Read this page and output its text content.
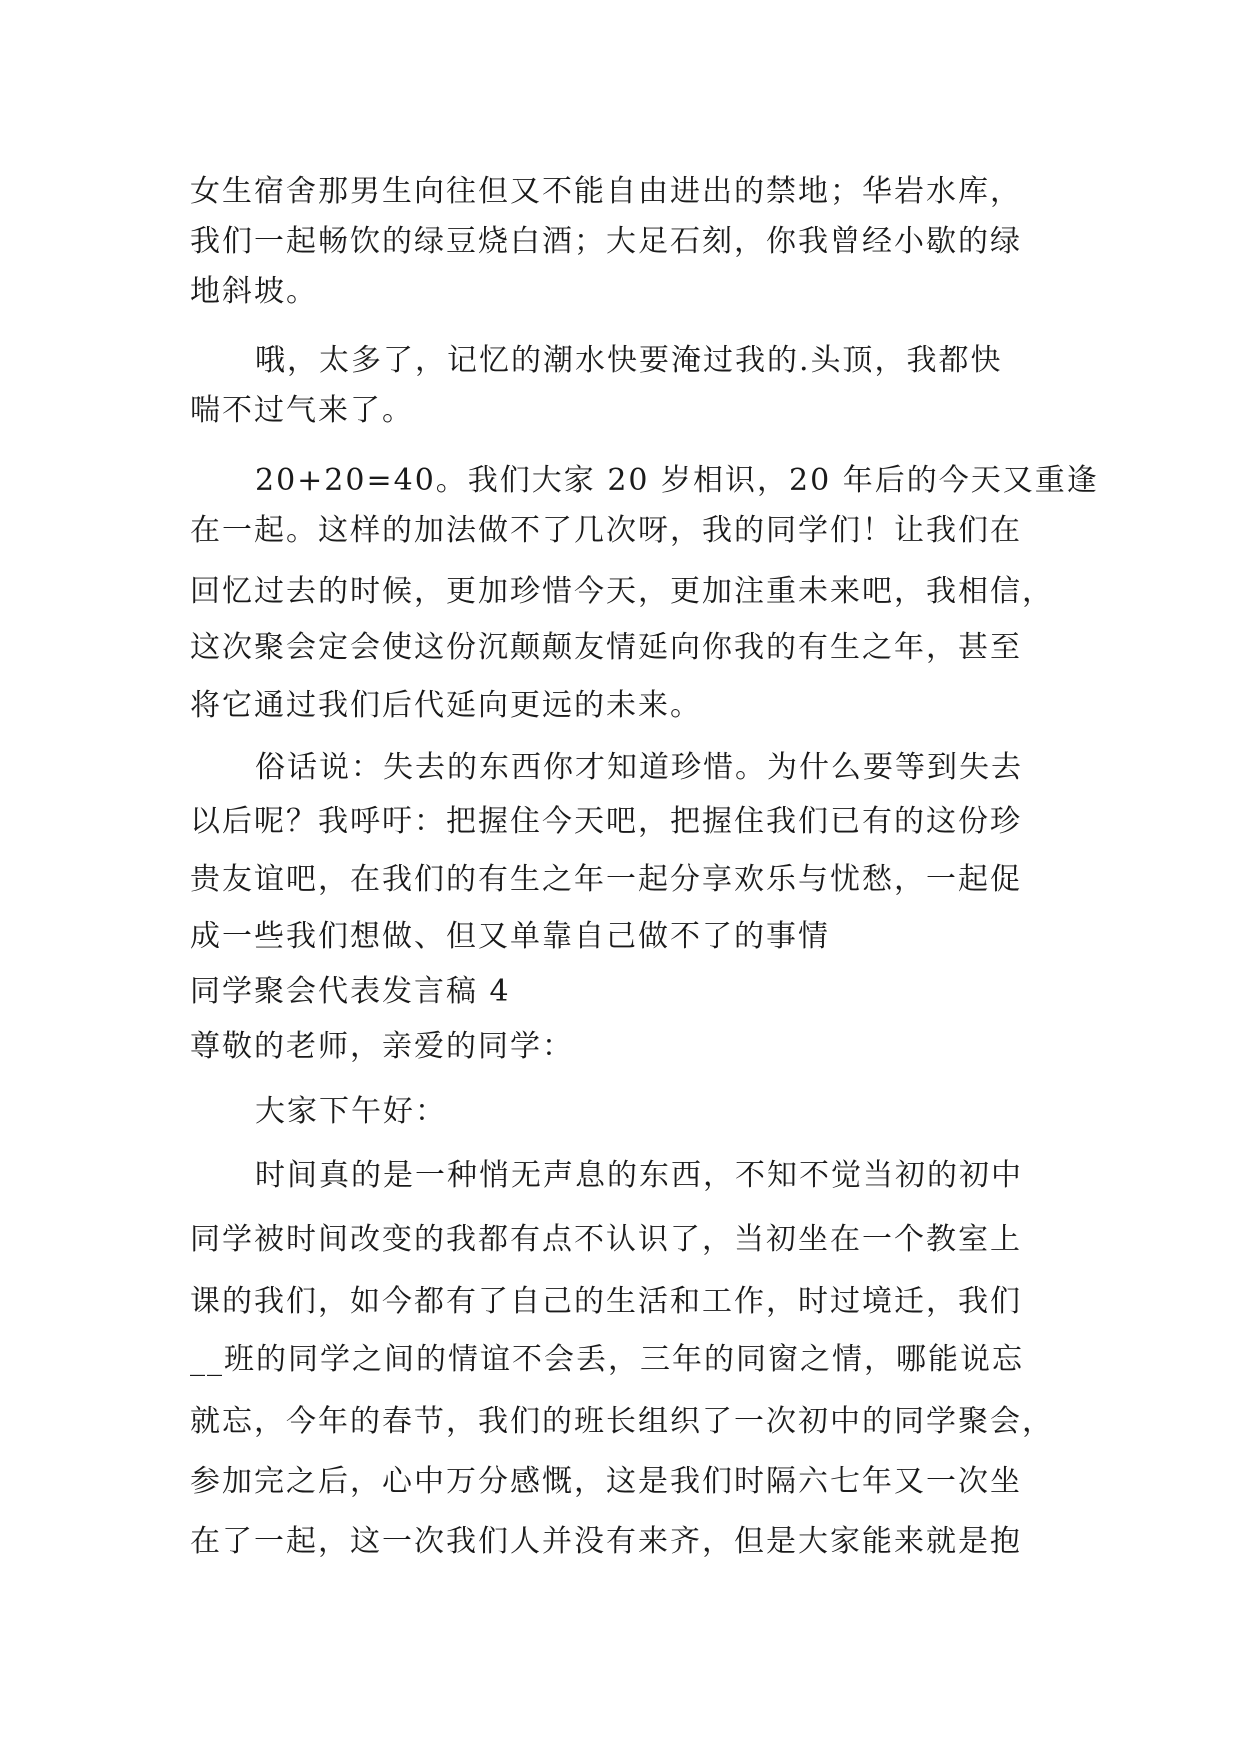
女生宿舍那男生向往但又不能自由进出的禁地；华岩水库，
我们一起畅饮的绿豆烧白酒；大足石刻，你我曾经小歇的绿
地斜坡。
哦，太多了，记忆的潮水快要淹过我的.头顶，我都快
喘不过气来了。
20+20=40。我们大家 20 岁相识，20 年后的今天又重逢
在一起。这样的加法做不了几次呀，我的同学们！让我们在
回忆过去的时候，更加珍惜今天，更加注重未来吧，我相信，
这次聚会定会使这份沉颠颠友情延向你我的有生之年，甚至
将它通过我们后代延向更远的未来。
俗话说：失去的东西你才知道珍惜。为什么要等到失去
以后呢？我呼吁：把握住今天吧，把握住我们已有的这份珍
贵友谊吧，在我们的有生之年一起分享欢乐与忧愁，一起促
成一些我们想做、但又单靠自己做不了的事情
同学聚会代表发言稿 4
尊敬的老师，亲爱的同学：
大家下午好：
时间真的是一种悄无声息的东西，不知不觉当初的初中
同学被时间改变的我都有点不认识了，当初坐在一个教室上
课的我们，如今都有了自己的生活和工作，时过境迁，我们
__班的同学之间的情谊不会丢，三年的同窗之情，哪能说忘
就忘，今年的春节，我们的班长组织了一次初中的同学聚会，
参加完之后，心中万分感慨，这是我们时隔六七年又一次坐
在了一起，这一次我们人并没有来齐，但是大家能来就是抱
